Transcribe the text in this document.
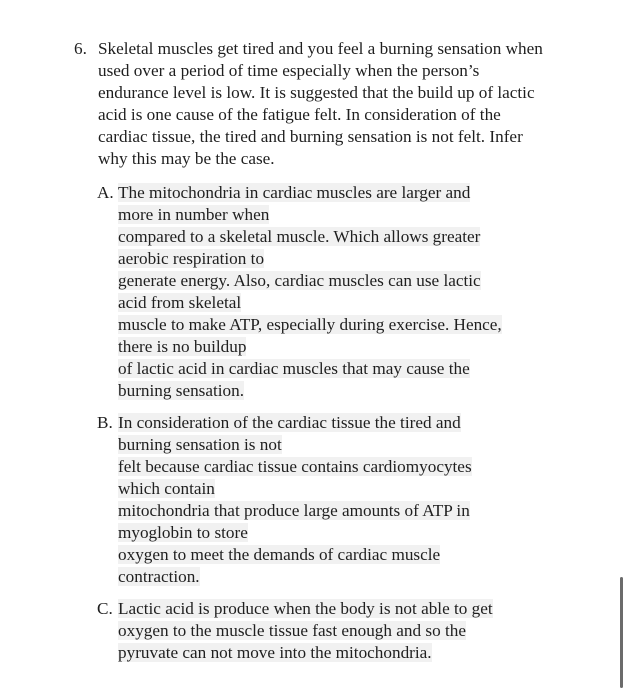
6. Skeletal muscles get tired and you feel a burning sensation when used over a period of time especially when the person’s endurance level is low. It is suggested that the build up of lactic acid is one cause of the fatigue felt. In consideration of the cardiac tissue, the tired and burning sensation is not felt. Infer why this may be the case.
A. The mitochondria in cardiac muscles are larger and
more in number when
compared to a skeletal muscle. Which allows greater
aerobic respiration to
generate energy. Also, cardiac muscles can use lactic
acid from skeletal
muscle to make ATP, especially during exercise. Hence,
there is no buildup
of lactic acid in cardiac muscles that may cause the
burning sensation.
B. In consideration of the cardiac tissue the tired and
burning sensation is not
felt because cardiac tissue contains cardiomyocytes
which contain
mitochondria that produce large amounts of ATP in
myoglobin to store
oxygen to meet the demands of cardiac muscle
contraction.
C. Lactic acid is produce when the body is not able to get
oxygen to the muscle tissue fast enough and so the
pyruvate can not move into the mitochondria.
